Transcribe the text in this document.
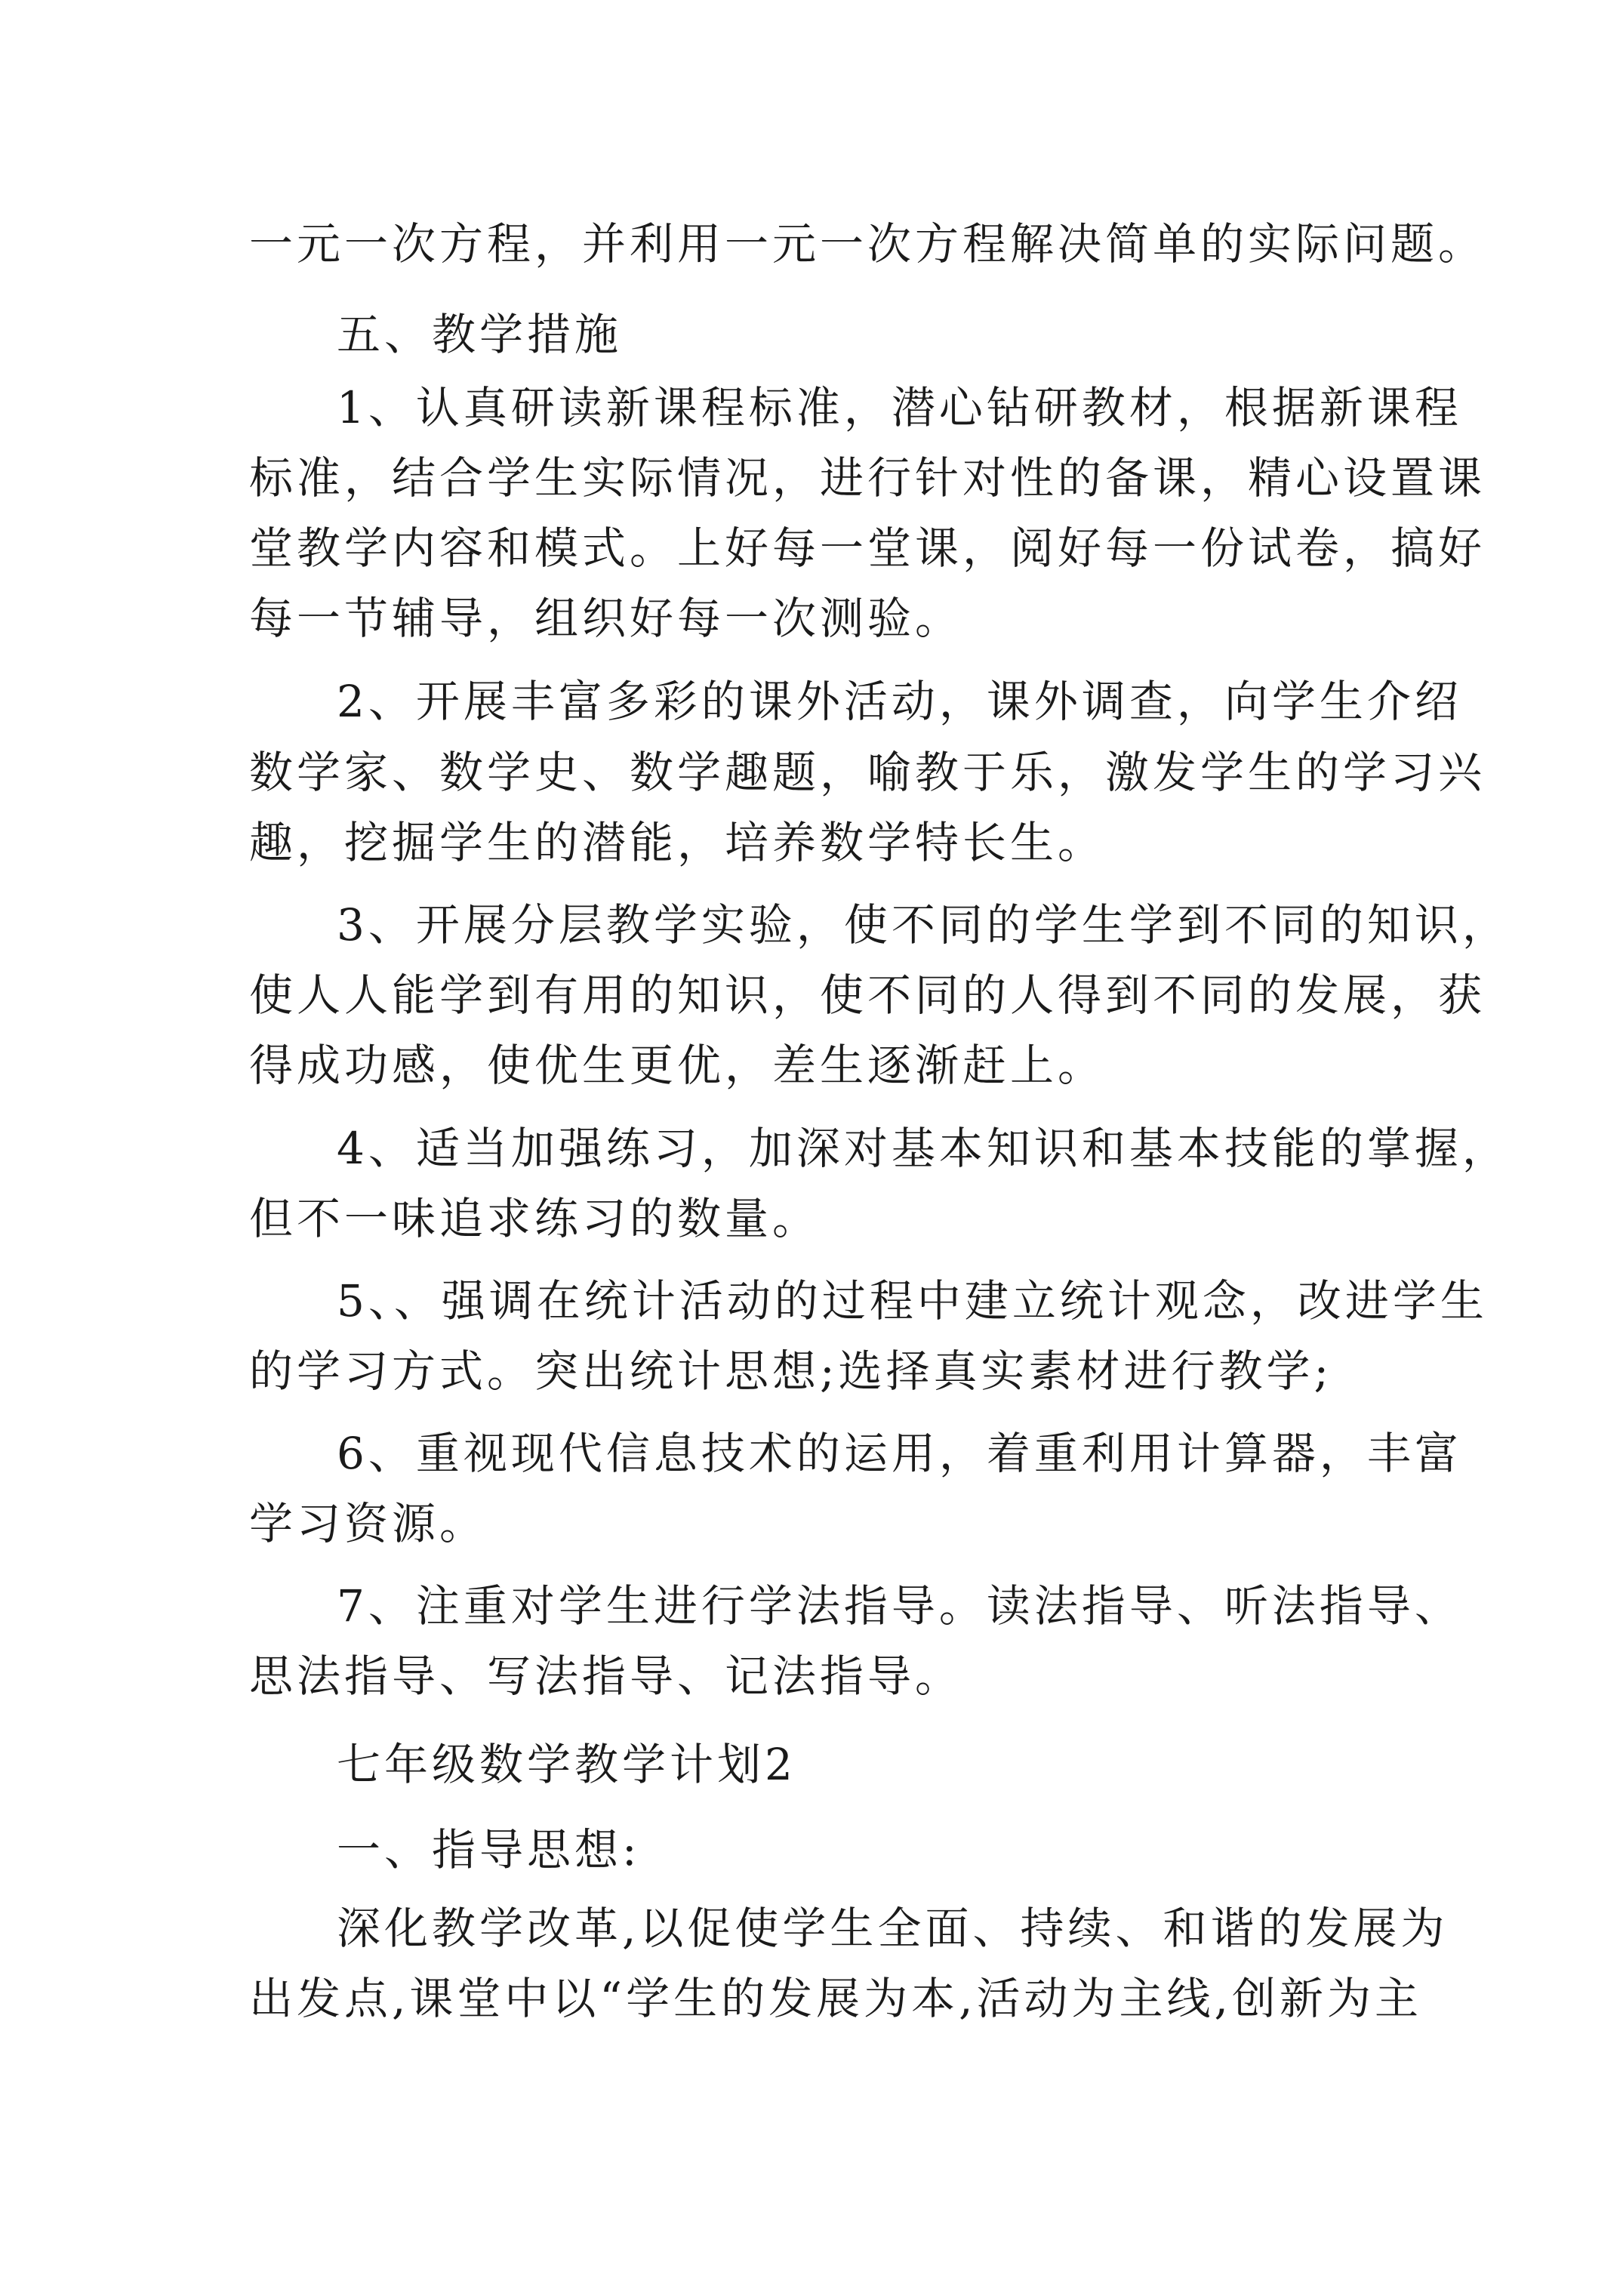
一元一次方程，并利用一元一次方程解决简单的实际问题。

五、教学措施

1、认真研读新课程标准，潜心钻研教材，根据新课程

标准，结合学生实际情况，进行针对性的备课，精心设置课

堂教学内容和模式。上好每一堂课，阅好每一份试卷，搞好

每一节辅导，组织好每一次测验。

2、开展丰富多彩的课外活动，课外调查，向学生介绍

数学家、数学史、数学趣题，喻教于乐，激发学生的学习兴

趣，挖掘学生的潜能，培养数学特长生。

3、开展分层教学实验，使不同的学生学到不同的知识，

使人人能学到有用的知识，使不同的人得到不同的发展，获

得成功感，使优生更优，差生逐渐赶上。

4、适当加强练习，加深对基本知识和基本技能的掌握，

但不一味追求练习的数量。

5、、强调在统计活动的过程中建立统计观念，改进学生

的学习方式。突出统计思想;选择真实素材进行教学;

6、重视现代信息技术的运用，着重利用计算器，丰富

学习资源。

7、注重对学生进行学法指导。读法指导、听法指导、

思法指导、写法指导、记法指导。

七年级数学教学计划2

一、指导思想:

深化教学改革,以促使学生全面、持续、和谐的发展为

出发点,课堂中以“学生的发展为本,活动为主线,创新为主
